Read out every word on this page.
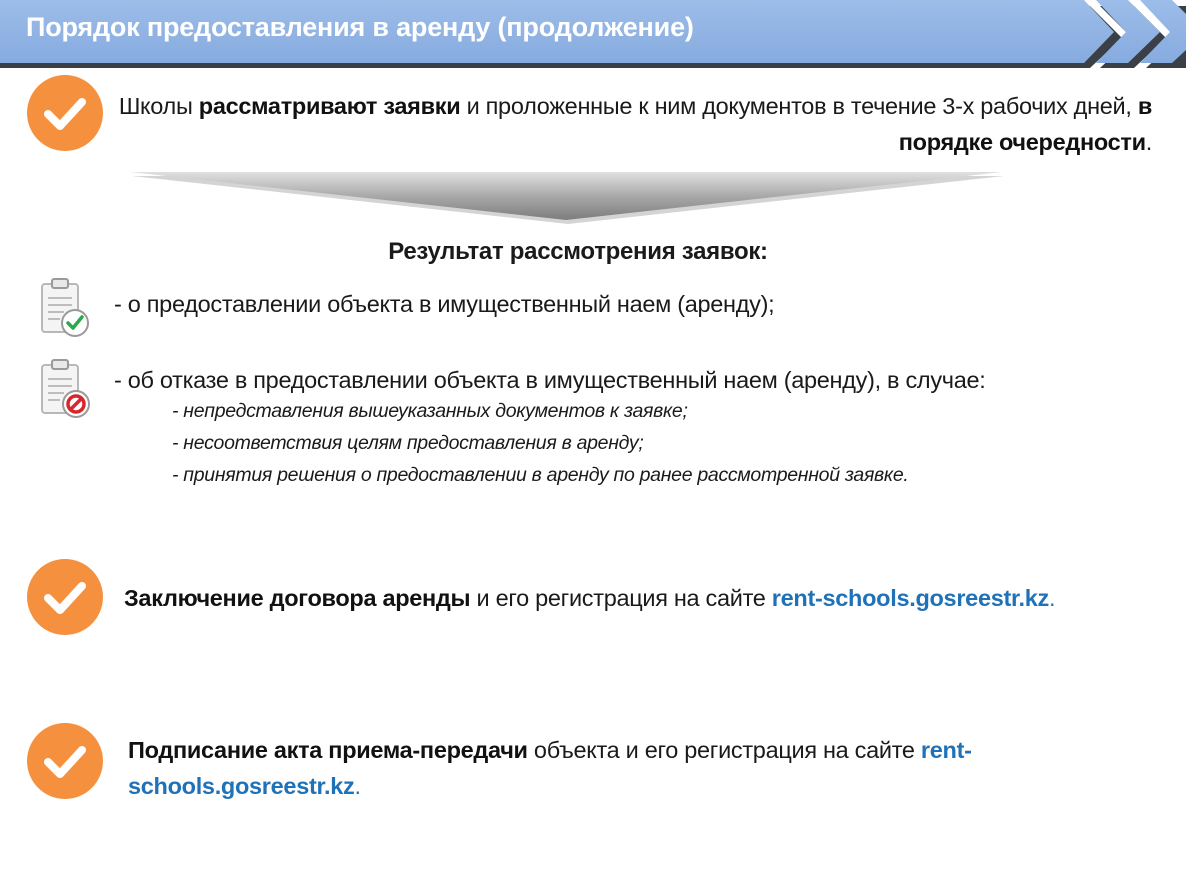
Порядок предоставления в аренду (продолжение)
Школы рассматривают заявки и проложенные к ним документов в течение 3-х рабочих дней, в порядке очередности.
Результат рассмотрения заявок:
- о предоставлении объекта в имущественный наем (аренду);
- об отказе в предоставлении объекта в имущественный наем (аренду), в случае:
- непредставления вышеуказанных документов к заявке;
- несоответствия целям предоставления в аренду;
- принятия решения о предоставлении в аренду по ранее рассмотренной заявке.
Заключение договора аренды и его регистрация на сайте rent-schools.gosreestr.kz.
Подписание акта приема-передачи объекта и его регистрация на сайте rent-
schools.gosreestr.kz.
